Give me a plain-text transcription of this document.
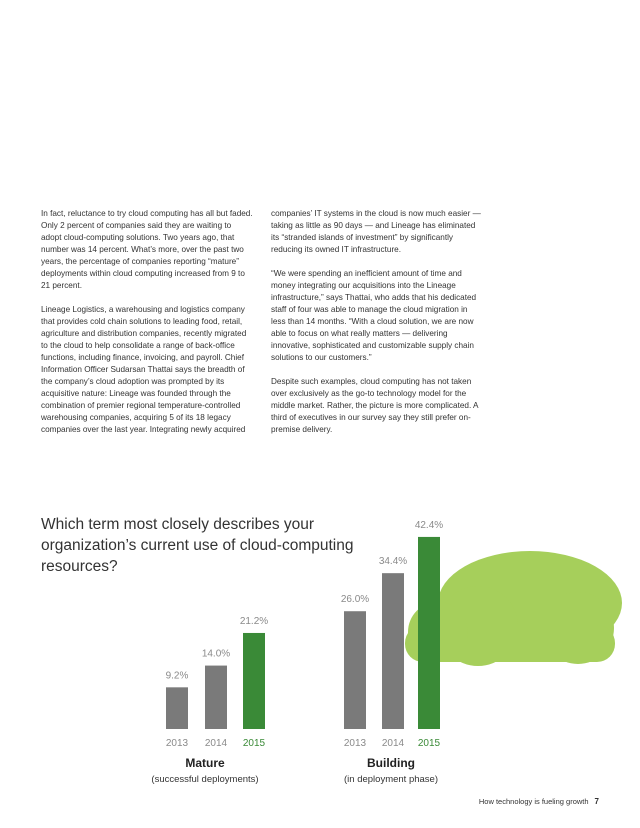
In fact, reluctance to try cloud computing has all but faded. Only 2 percent of companies said they are waiting to adopt cloud-computing solutions. Two years ago, that number was 14 percent. What’s more, over the past two years, the percentage of companies reporting “mature” deployments within cloud computing increased from 9 to 21 percent.

Lineage Logistics, a warehousing and logistics company that provides cold chain solutions to leading food, retail, agriculture and distribution companies, recently migrated to the cloud to help consolidate a range of back-office functions, including finance, invoicing, and payroll. Chief Information Officer Sudarsan Thattai says the breadth of the company’s cloud adoption was prompted by its acquisitive nature: Lineage was founded through the combination of premier regional temperature-controlled warehousing companies, acquiring 5 of its 18 legacy companies over the last year. Integrating newly acquired

companies’ IT systems in the cloud is now much easier — taking as little as 90 days — and Lineage has eliminated its “stranded islands of investment” by significantly reducing its owned IT infrastructure.

“We were spending an inefficient amount of time and money integrating our acquisitions into the Lineage infrastructure,” says Thattai, who adds that his dedicated staff of four was able to manage the cloud migration in less than 14 months. “With a cloud solution, we are now able to focus on what really matters — delivering innovative, sophisticated and customizable supply chain solutions to our customers.”

Despite such examples, cloud computing has not taken over exclusively as the go-to technology model for the middle market. Rather, the picture is more complicated. A third of executives in our survey say they still prefer on-premise delivery.

Which term most closely describes your organization’s current use of cloud-computing resources?
9.2%
2013
14.0%
2014
21.2%
2015
Mature
(successful deployments)
26.0%
2013
34.4%
2014
42.4%
2015
Building
(in deployment phase)
How technology is fueling growth 7
